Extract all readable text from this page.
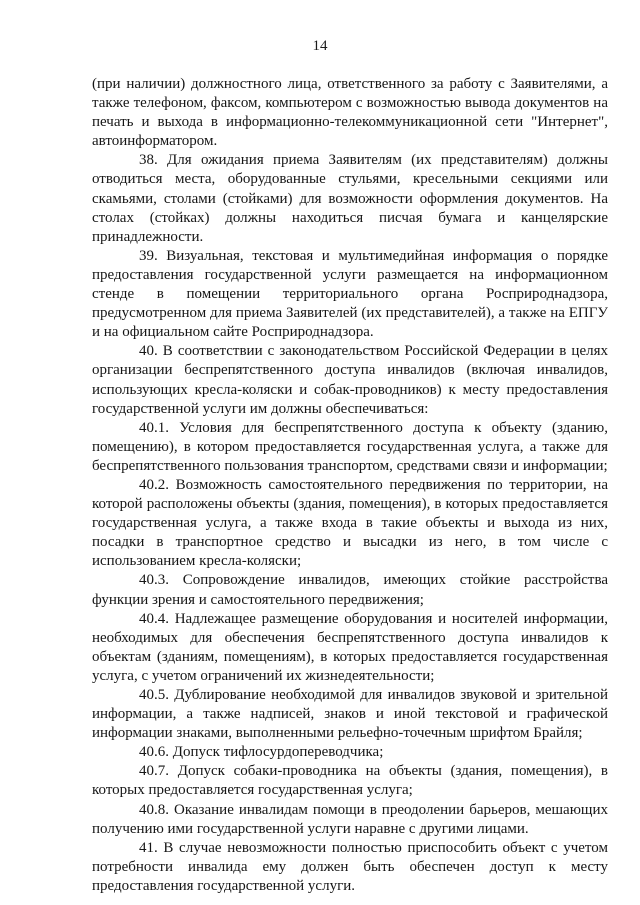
14

(при наличии) должностного лица, ответственного за работу с Заявителями, а также телефоном, факсом, компьютером с возможностью вывода документов на печать и выхода в информационно-телекоммуникационной сети "Интернет", автоинформатором.

38. Для ожидания приема Заявителям (их представителям) должны отводиться места, оборудованные стульями, кресельными секциями или скамьями, столами (стойками) для возможности оформления документов. На столах (стойках) должны находиться писчая бумага и канцелярские принадлежности.

39. Визуальная, текстовая и мультимедийная информация о порядке предоставления государственной услуги размещается на информационном стенде в помещении территориального органа Росприроднадзора, предусмотренном для приема Заявителей (их представителей), а также на ЕПГУ и на официальном сайте Росприроднадзора.

40. В соответствии с законодательством Российской Федерации в целях организации беспрепятственного доступа инвалидов (включая инвалидов, использующих кресла-коляски и собак-проводников) к месту предоставления государственной услуги им должны обеспечиваться:

40.1. Условия для беспрепятственного доступа к объекту (зданию, помещению), в котором предоставляется государственная услуга, а также для беспрепятственного пользования транспортом, средствами связи и информации;

40.2. Возможность самостоятельного передвижения по территории, на которой расположены объекты (здания, помещения), в которых предоставляется государственная услуга, а также входа в такие объекты и выхода из них, посадки в транспортное средство и высадки из него, в том числе с использованием кресла-коляски;

40.3. Сопровождение инвалидов, имеющих стойкие расстройства функции зрения и самостоятельного передвижения;

40.4. Надлежащее размещение оборудования и носителей информации, необходимых для обеспечения беспрепятственного доступа инвалидов к объектам (зданиям, помещениям), в которых предоставляется государственная услуга, с учетом ограничений их жизнедеятельности;

40.5. Дублирование необходимой для инвалидов звуковой и зрительной информации, а также надписей, знаков и иной текстовой и графической информации знаками, выполненными рельефно-точечным шрифтом Брайля;

40.6. Допуск тифлосурдопереводчика;

40.7. Допуск собаки-проводника на объекты (здания, помещения), в которых предоставляется государственная услуга;

40.8. Оказание инвалидам помощи в преодолении барьеров, мешающих получению ими государственной услуги наравне с другими лицами.

41. В случае невозможности полностью приспособить объект с учетом потребности инвалида ему должен быть обеспечен доступ к месту предоставления государственной услуги.
